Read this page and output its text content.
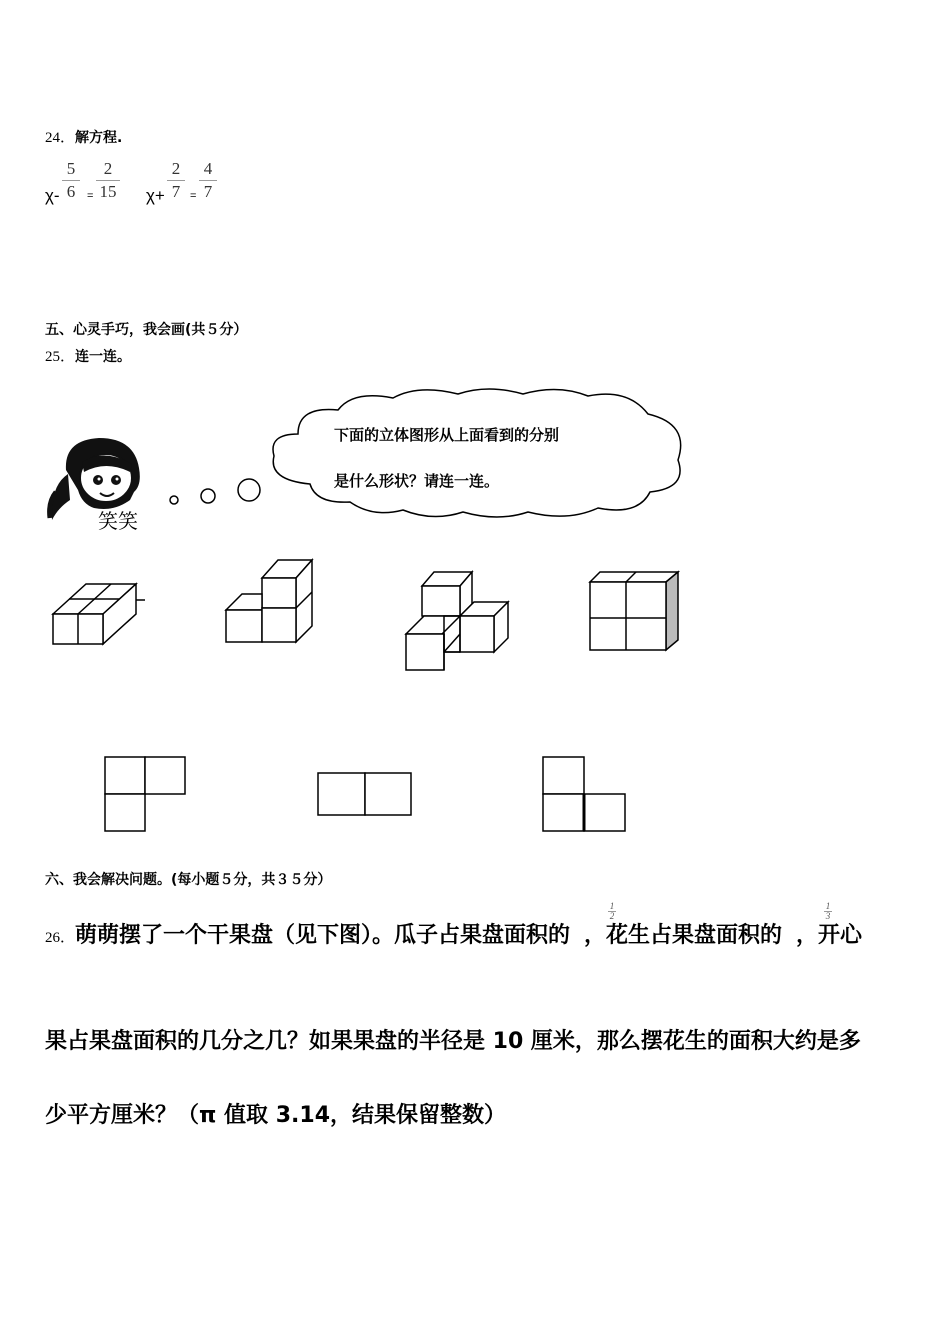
24．解方程.
$\chi- \frac{5}{6} = \frac{2}{15} \chi+ \frac{2}{7} = \frac{4}{7}$
五、心灵手巧，我会画(共５分）
25．连一连。
笑笑
下面的立体图形从上面看到的分别
是什么形状？请连一连。
六、我会解决问题。(每小题５分，共３５分）
26．萌萌摆了一个干果盘（见下图）。瓜子占果盘面积的 ，花生占果盘面积的 ，开心
$\frac{1}{2}$	$\frac{1}{3}$
果占果盘面积的几分之几？如果果盘的半径是 10 厘米，那么摆花生的面积大约是多
少平方厘米？（π 值取 3.14，结果保留整数）
